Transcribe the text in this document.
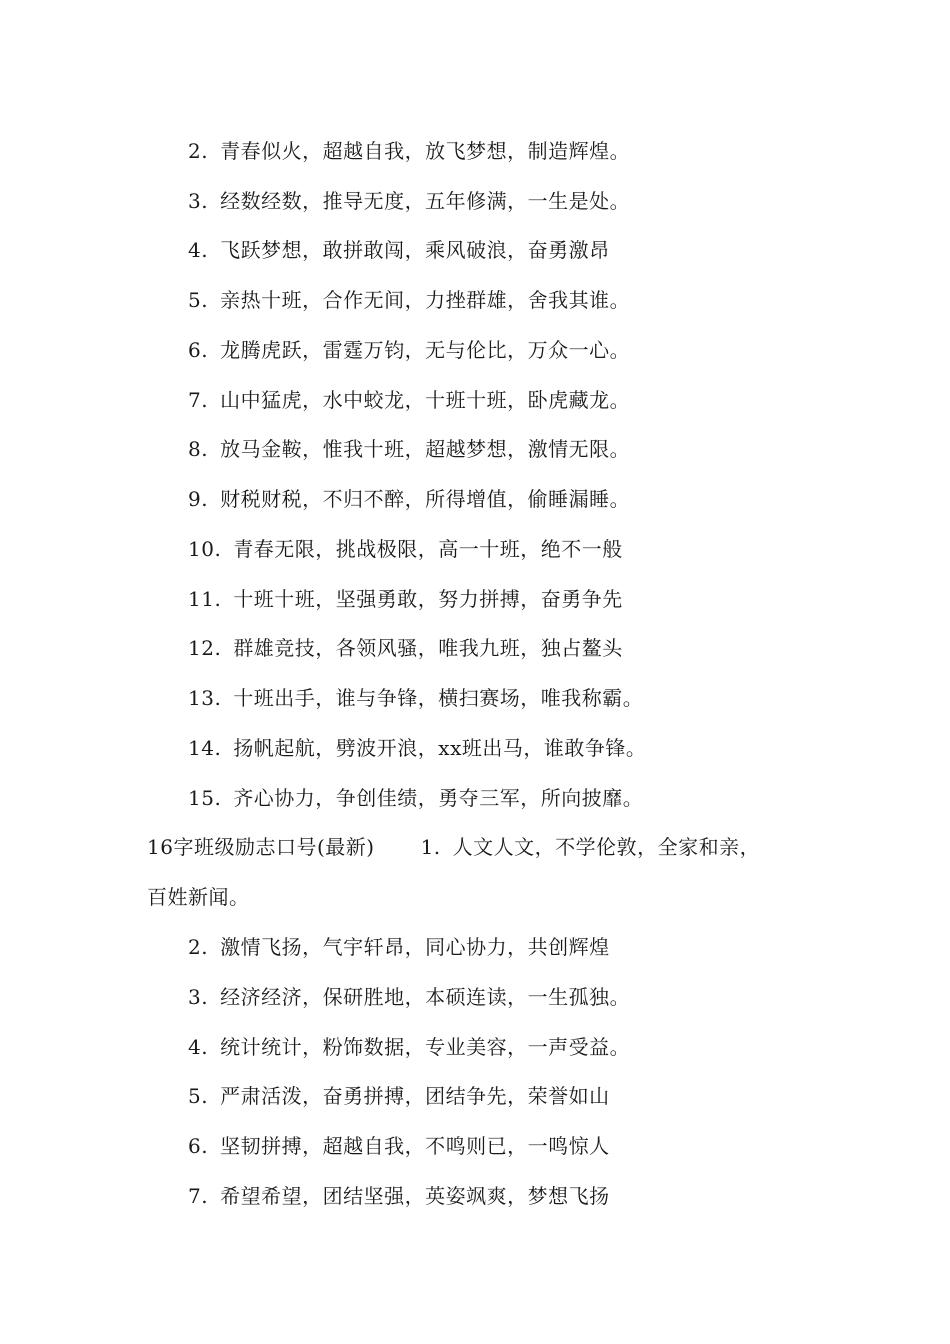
2. 青春似火，超越自我，放飞梦想，制造辉煌。
3. 经数经数，推导无度，五年修满，一生是处。
4. 飞跃梦想，敢拼敢闯，乘风破浪，奋勇激昂
5. 亲热十班，合作无间，力挫群雄，舍我其谁。
6. 龙腾虎跃，雷霆万钧，无与伦比，万众一心。
7. 山中猛虎，水中蛟龙，十班十班，卧虎藏龙。
8. 放马金鞍，惟我十班，超越梦想，激情无限。
9. 财税财税，不归不醉，所得增值，偷睡漏睡。
10. 青春无限，挑战极限，高一十班，绝不一般
11. 十班十班，坚强勇敢，努力拼搏，奋勇争先
12. 群雄竞技，各领风骚，唯我九班，独占鳌头
13. 十班出手，谁与争锋，横扫赛场，唯我称霸。
14. 扬帆起航，劈波开浪，xx班出马，谁敢争锋。
15. 齐心协力，争创佳绩，勇夺三军，所向披靡。
16字班级励志口号(最新) 1. 人文人文，不学伦敦，全家和亲，
百姓新闻。
2. 激情飞扬，气宇轩昂，同心协力，共创辉煌
3. 经济经济，保研胜地，本硕连读，一生孤独。
4. 统计统计，粉饰数据，专业美容，一声受益。
5. 严肃活泼，奋勇拼搏，团结争先，荣誉如山
6. 坚韧拼搏，超越自我，不鸣则已，一鸣惊人
7. 希望希望，团结坚强，英姿飒爽，梦想飞扬
